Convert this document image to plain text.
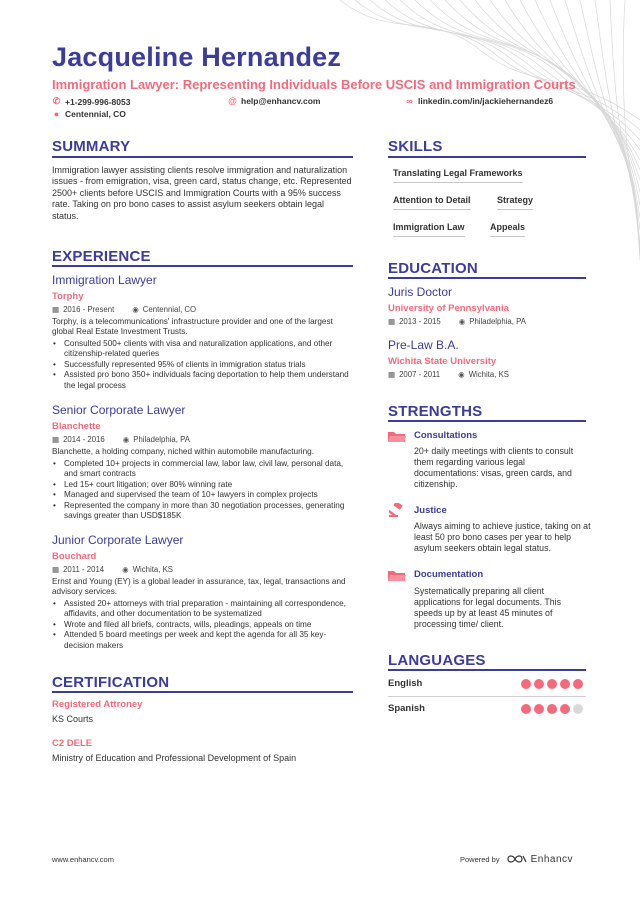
Jacqueline Hernandez
Immigration Lawyer: Representing Individuals Before USCIS and Immigration Courts
✆ +1-299-996-8053	@ help@enhancv.com	∞ linkedin.com/in/jackiehernandez6
● Centennial, CO
SUMMARY
Immigration lawyer assisting clients resolve immigration and naturalization issues - from emigration, visa, green card, status change, etc. Represented 2500+ clients before USCIS and Immigration Courts with a 95% success rate. Taking on pro bono cases to assist asylum seekers obtain legal status.
EXPERIENCE
Immigration Lawyer
Torphy
▦ 2016 - Present ◉ Centennial, CO
Torphy, is a telecommunications' infrastructure provider and one of the largest global Real Estate Investment Trusts.
• Consulted 500+ clients with visa and naturalization applications, and other citizenship-related queries
• Successfully represented 95% of clients in immigration status trials
• Assisted pro bono 350+ individuals facing deportation to help them understand the legal process
Senior Corporate Lawyer
Blanchette
▦ 2014 - 2016 ◉ Philadelphia, PA
Blanchette, a holding company, niched within automobile manufacturing.
• Completed 10+ projects in commercial law, labor law, civil law, personal data, and smart contracts
• Led 15+ court litigation; over 80% winning rate
• Managed and supervised the team of 10+ lawyers in complex projects
• Represented the company in more than 30 negotiation processes, generating savings greater than USD$185K
Junior Corporate Lawyer
Bouchard
▦ 2011 - 2014 ◉ Wichita, KS
Ernst and Young (EY) is a global leader in assurance, tax, legal, transactions and advisory services.
• Assisted 20+ attorneys with trial preparation - maintaining all correspondence, affidavits, and other documentation to be systematized
• Wrote and filed all briefs, contracts, wills, pleadings, appeals on time
• Attended 5 board meetings per week and kept the agenda for all 35 key-decision makers
CERTIFICATION
Registered Attroney
KS Courts
C2 DELE
Ministry of Education and Professional Development of Spain
SKILLS
Translating Legal Frameworks
Attention to Detail	Strategy
Immigration Law	Appeals
EDUCATION
Juris Doctor
University of Pennsylvania
▦ 2013 - 2015 ◉ Philadelphia, PA
Pre-Law B.A.
Wichita State University
▦ 2007 - 2011 ◉ Wichita, KS
STRENGTHS
Consultations
20+ daily meetings with clients to consult them regarding various legal documentations: visas, green cards, and citizenship.
Justice
Always aiming to achieve justice, taking on at least 50 pro bono cases per year to help asylum seekers obtain legal status.
Documentation
Systematically preparing all client applications for legal documents. This speeds up by at least 45 minutes of processing time/ client.
LANGUAGES
English
Spanish
www.enhancv.com	Powered by	Enhancv
